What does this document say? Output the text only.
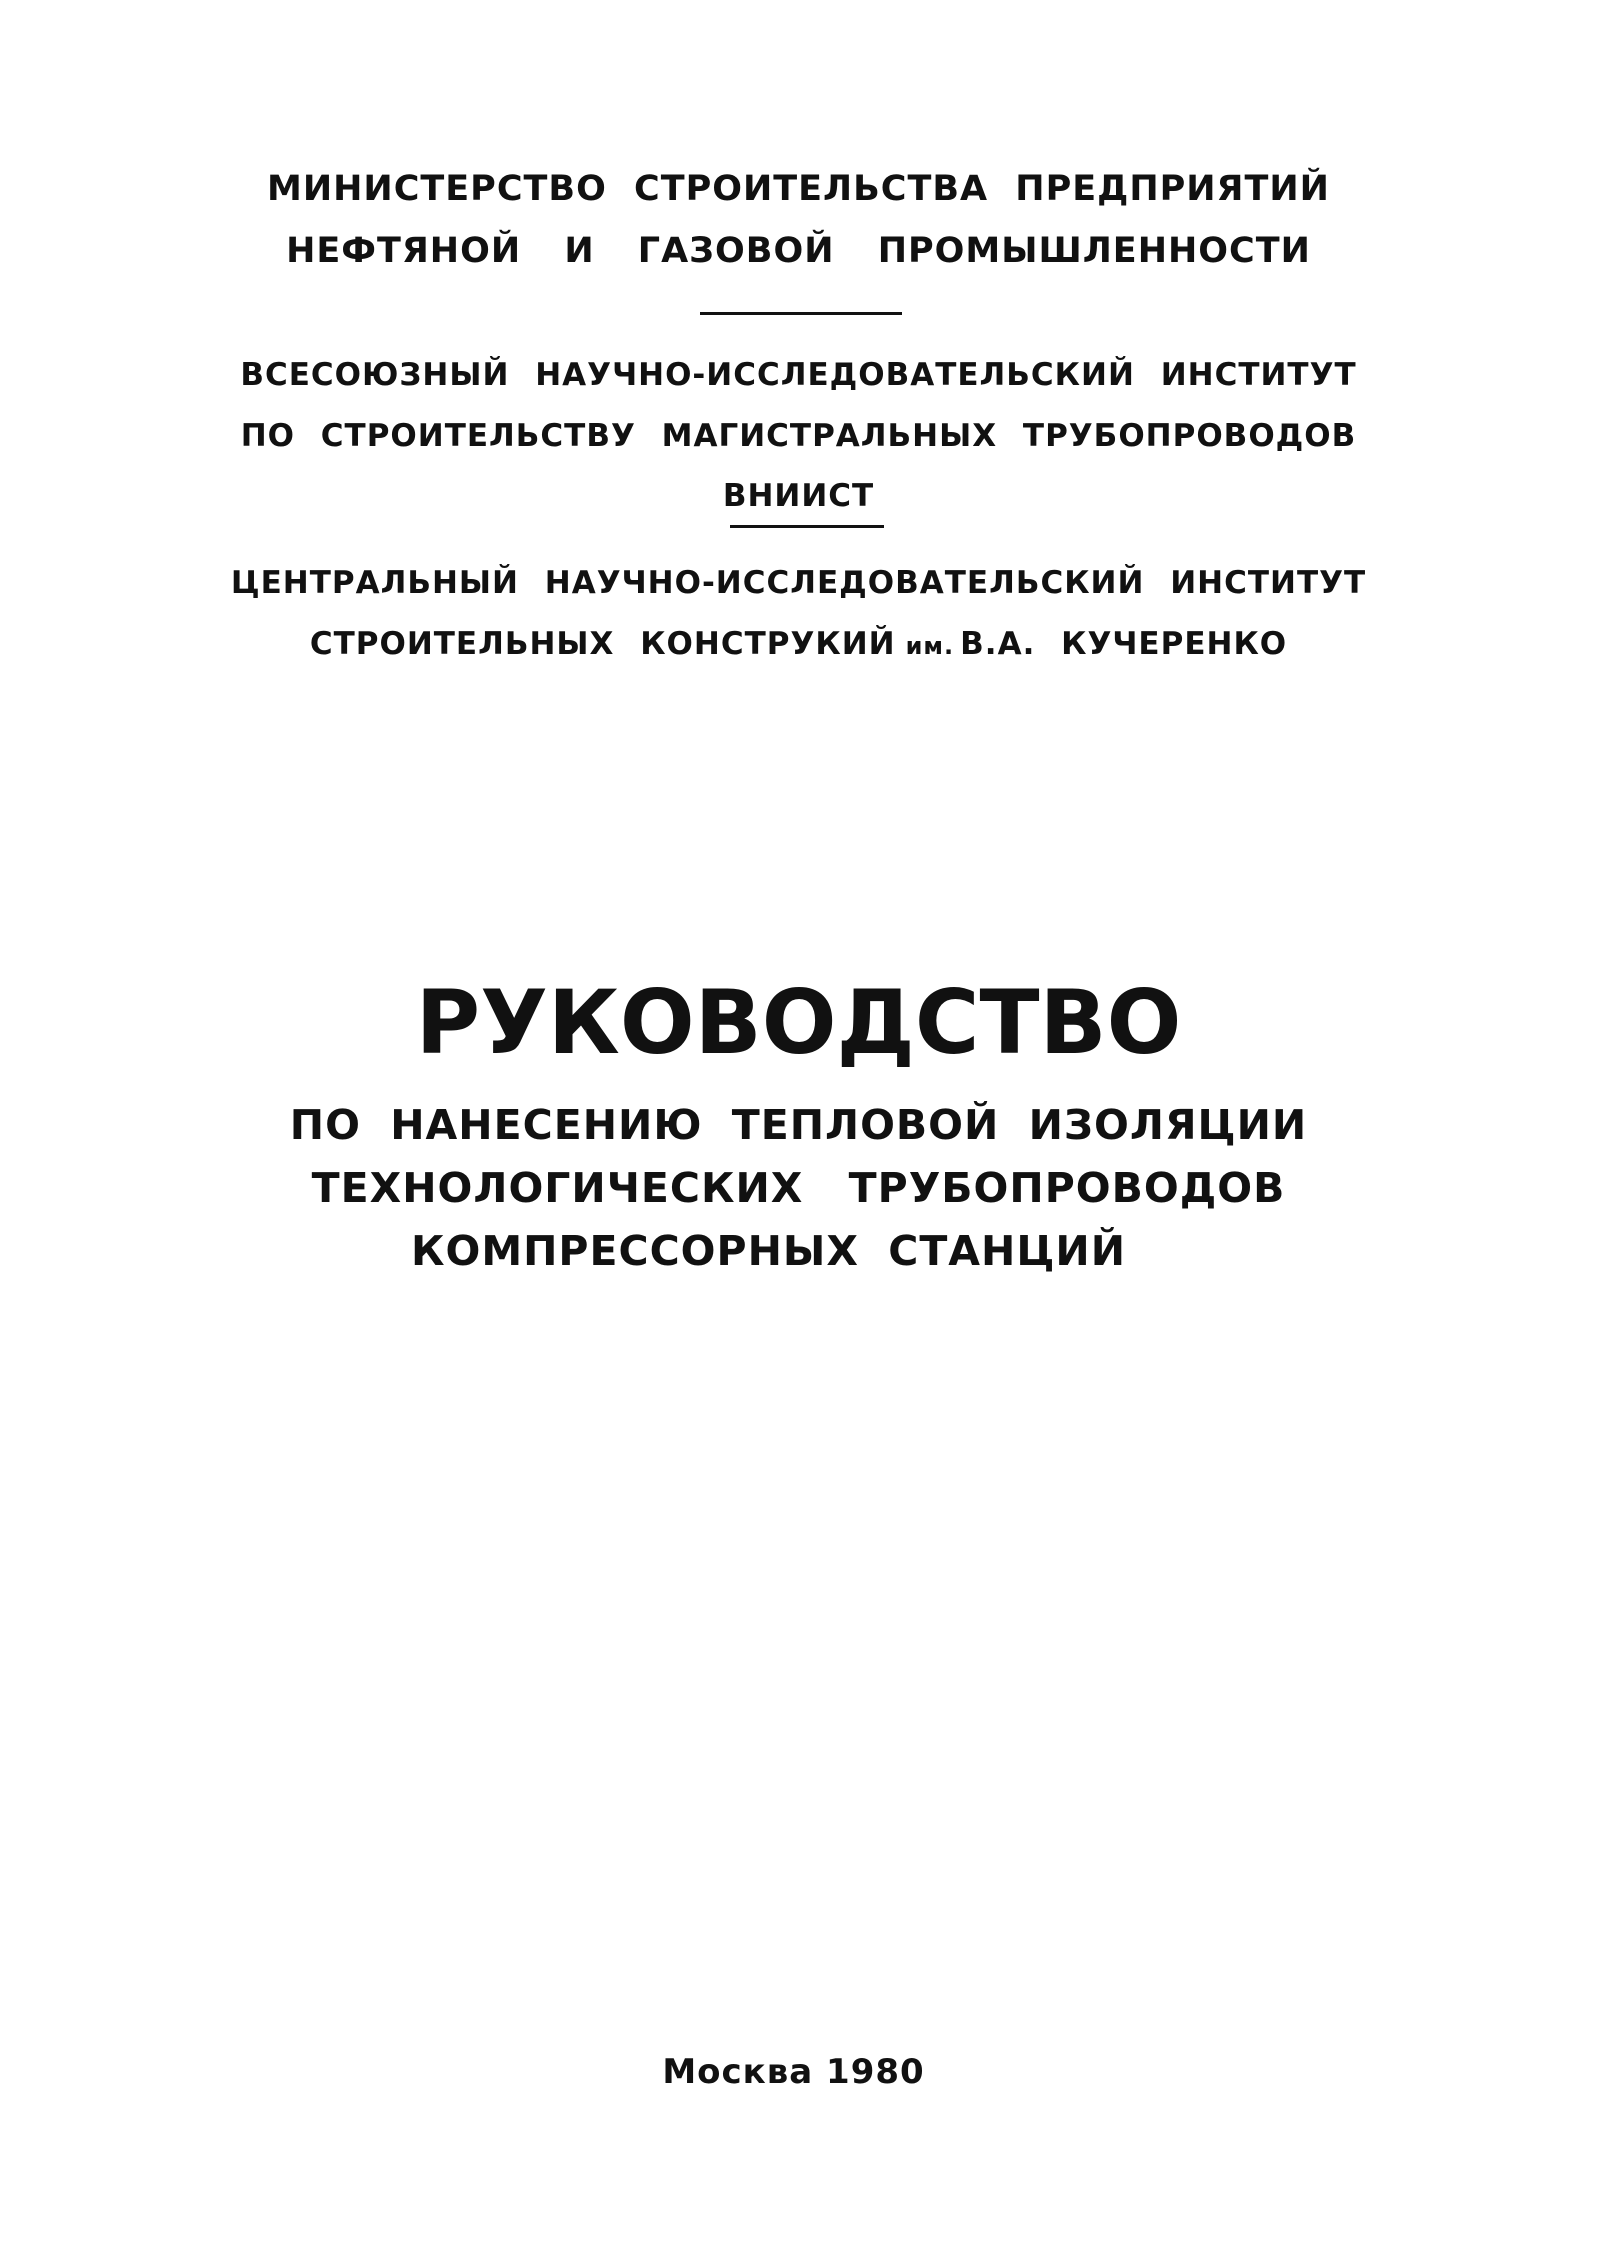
МИНИСТЕРСТВО СТРОИТЕЛЬСТВА ПРЕДПРИЯТИЙ
НЕФТЯНОЙ И ГАЗОВОЙ ПРОМЫШЛЕННОСТИ
ВСЕСОЮЗНЫЙ НАУЧНО-ИССЛЕДОВАТЕЛЬСКИЙ ИНСТИТУТ
ПО СТРОИТЕЛЬСТВУ МАГИСТРАЛЬНЫХ ТРУБОПРОВОДОВ
ВНИИСТ
ЦЕНТРАЛЬНЫЙ НАУЧНО-ИССЛЕДОВАТЕЛЬСКИЙ ИНСТИТУТ
СТРОИТЕЛЬНЫХ КОНСТРУКИЙ им. В.А. КУЧЕРЕНКО
РУКОВОДСТВО
ПО НАНЕСЕНИЮ ТЕПЛОВОЙ ИЗОЛЯЦИИ
ТЕХНОЛОГИЧЕСКИХ ТРУБОПРОВОДОВ
КОМПРЕССОРНЫХ СТАНЦИЙ
Москва 1980
